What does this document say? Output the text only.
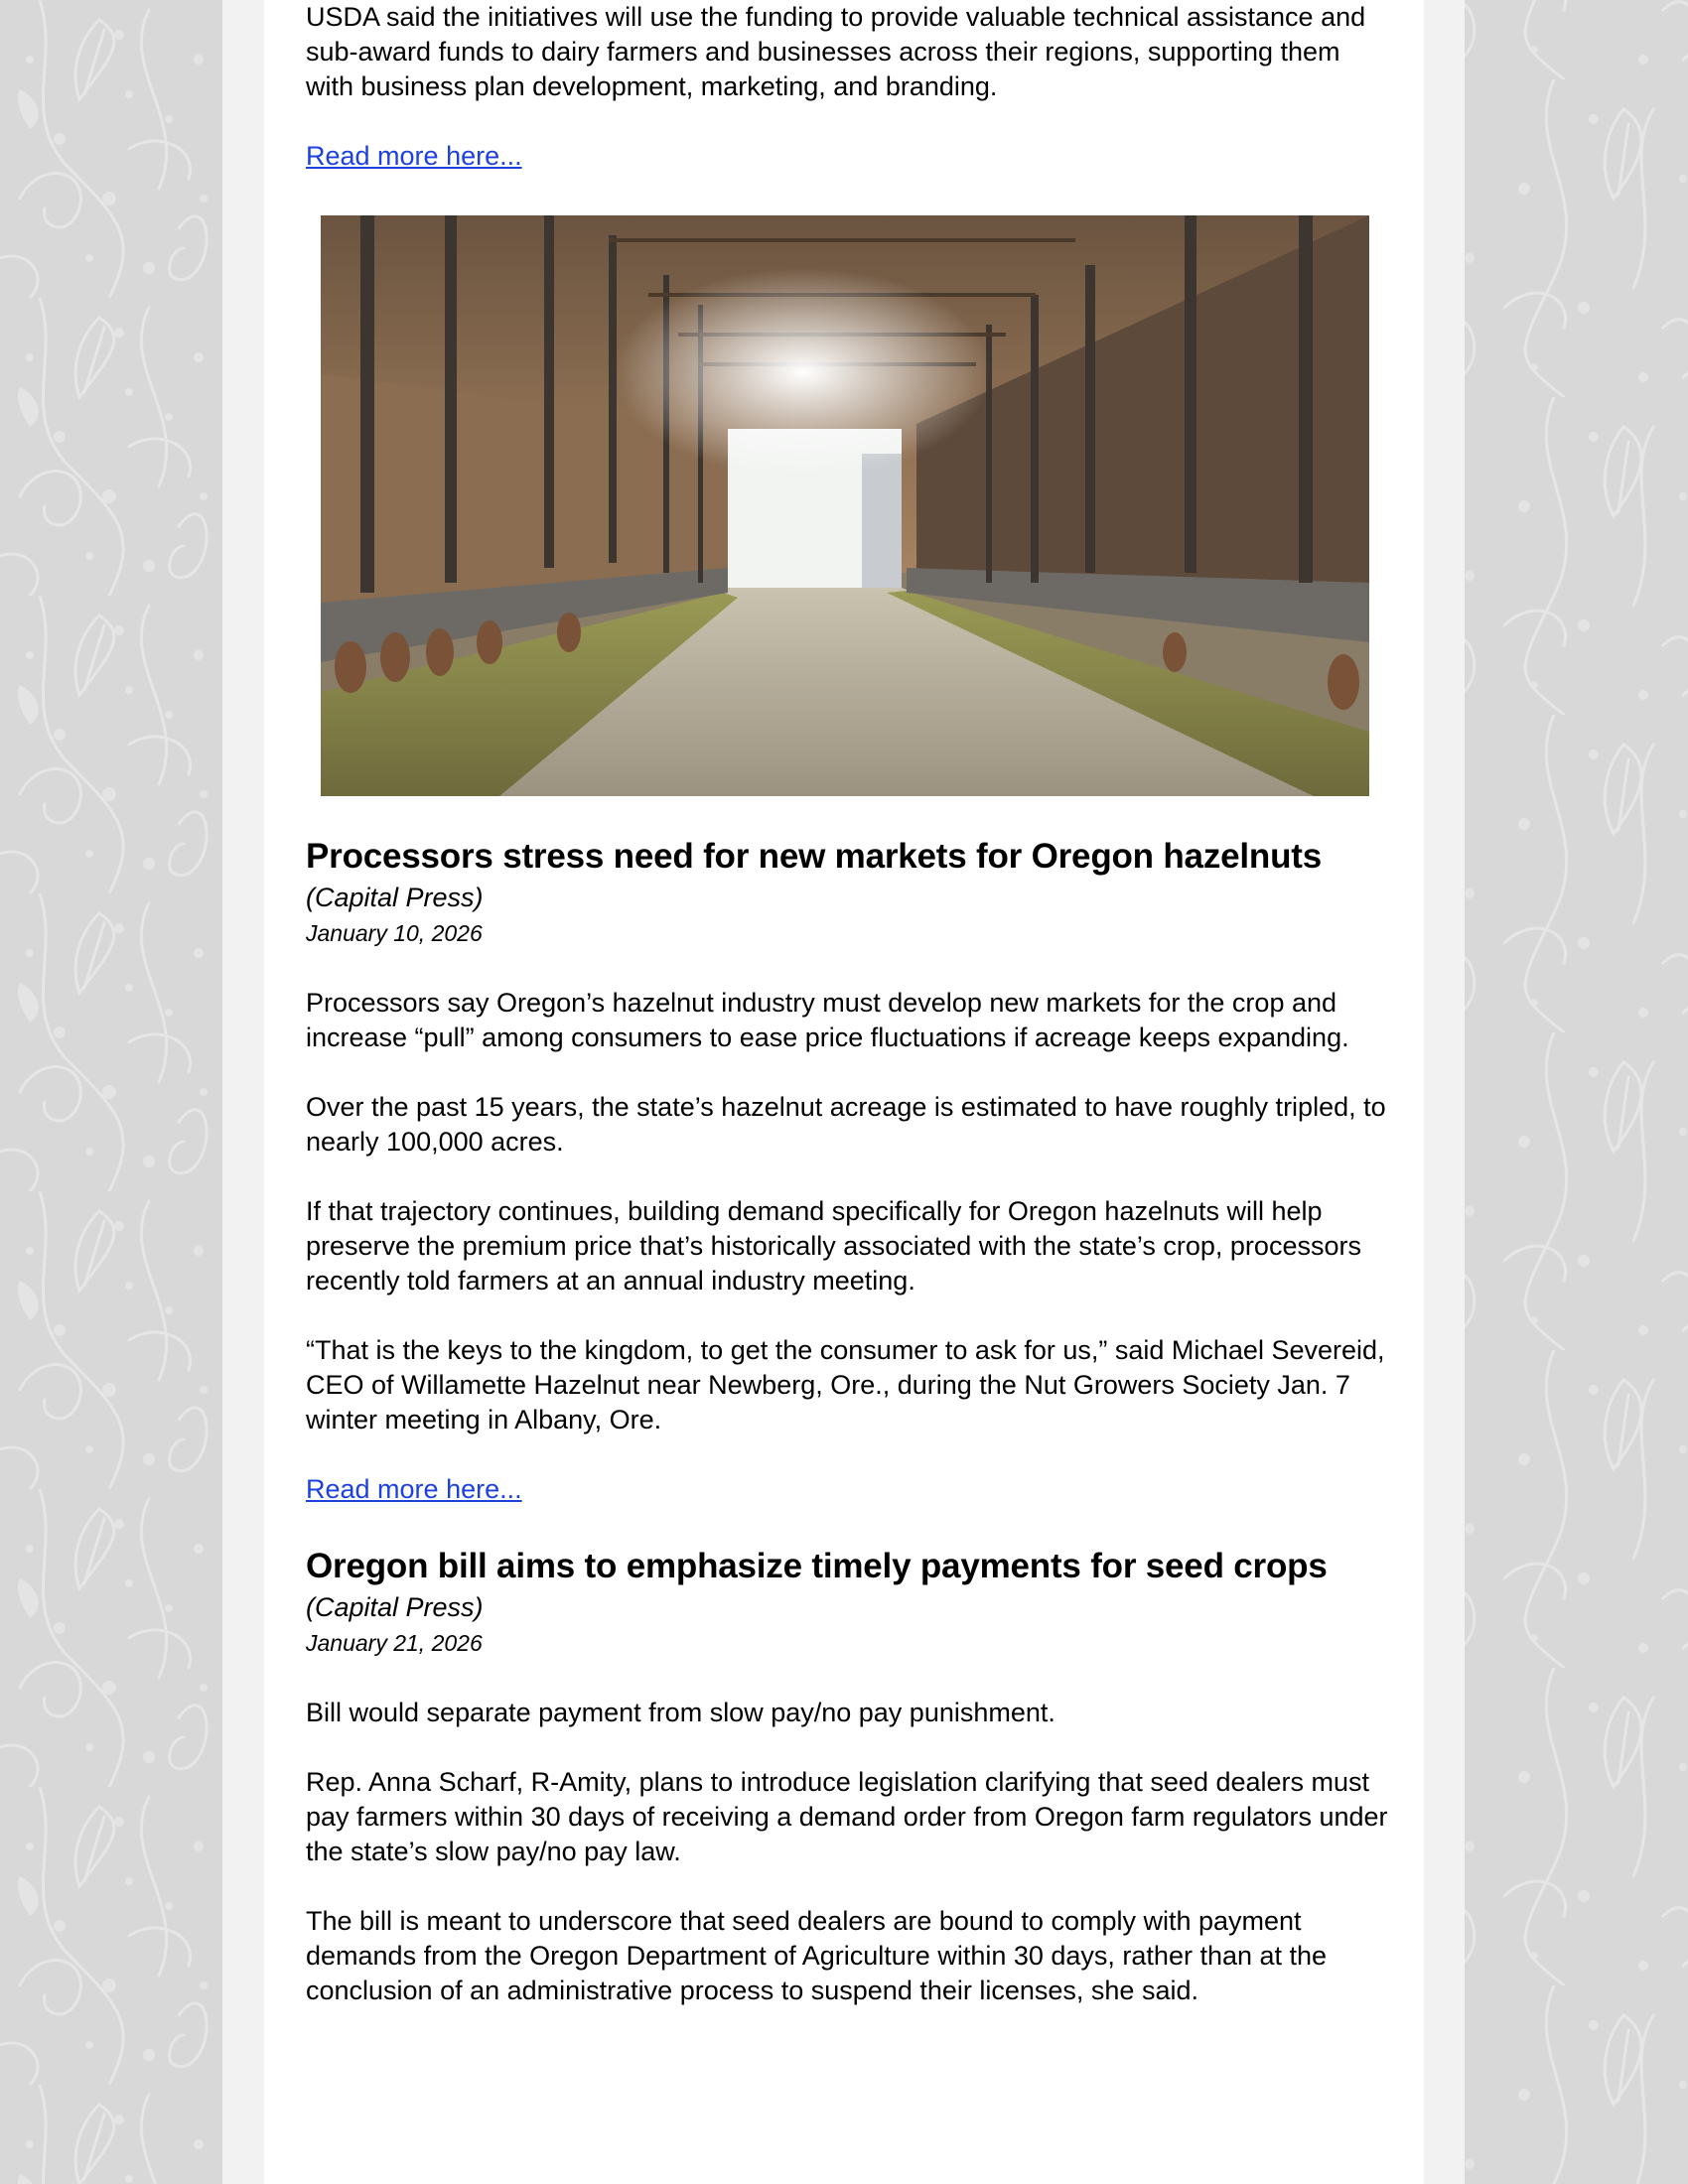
USDA said the initiatives will use the funding to provide valuable technical assistance and sub-award funds to dairy farmers and businesses across their regions, supporting them with business plan development, marketing, and branding.

Read more here...
Processors stress need for new markets for Oregon hazelnuts

(Capital Press)

January 10, 2026

Processors say Oregon’s hazelnut industry must develop new markets for the crop and increase “pull” among consumers to ease price fluctuations if acreage keeps expanding.

Over the past 15 years, the state’s hazelnut acreage is estimated to have roughly tripled, to nearly 100,000 acres.

If that trajectory continues, building demand specifically for Oregon hazelnuts will help preserve the premium price that’s historically associated with the state’s crop, processors recently told farmers at an annual industry meeting.

“That is the keys to the kingdom, to get the consumer to ask for us,” said Michael Severeid, CEO of Willamette Hazelnut near Newberg, Ore., during the Nut Growers Society Jan. 7 winter meeting in Albany, Ore.

Read more here...
Oregon bill aims to emphasize timely payments for seed crops

(Capital Press)

January 21, 2026

Bill would separate payment from slow pay/no pay punishment.

Rep. Anna Scharf, R-Amity, plans to introduce legislation clarifying that seed dealers must pay farmers within 30 days of receiving a demand order from Oregon farm regulators under the state’s slow pay/no pay law.

The bill is meant to underscore that seed dealers are bound to comply with payment demands from the Oregon Department of Agriculture within 30 days, rather than at the conclusion of an administrative process to suspend their licenses, she said.
